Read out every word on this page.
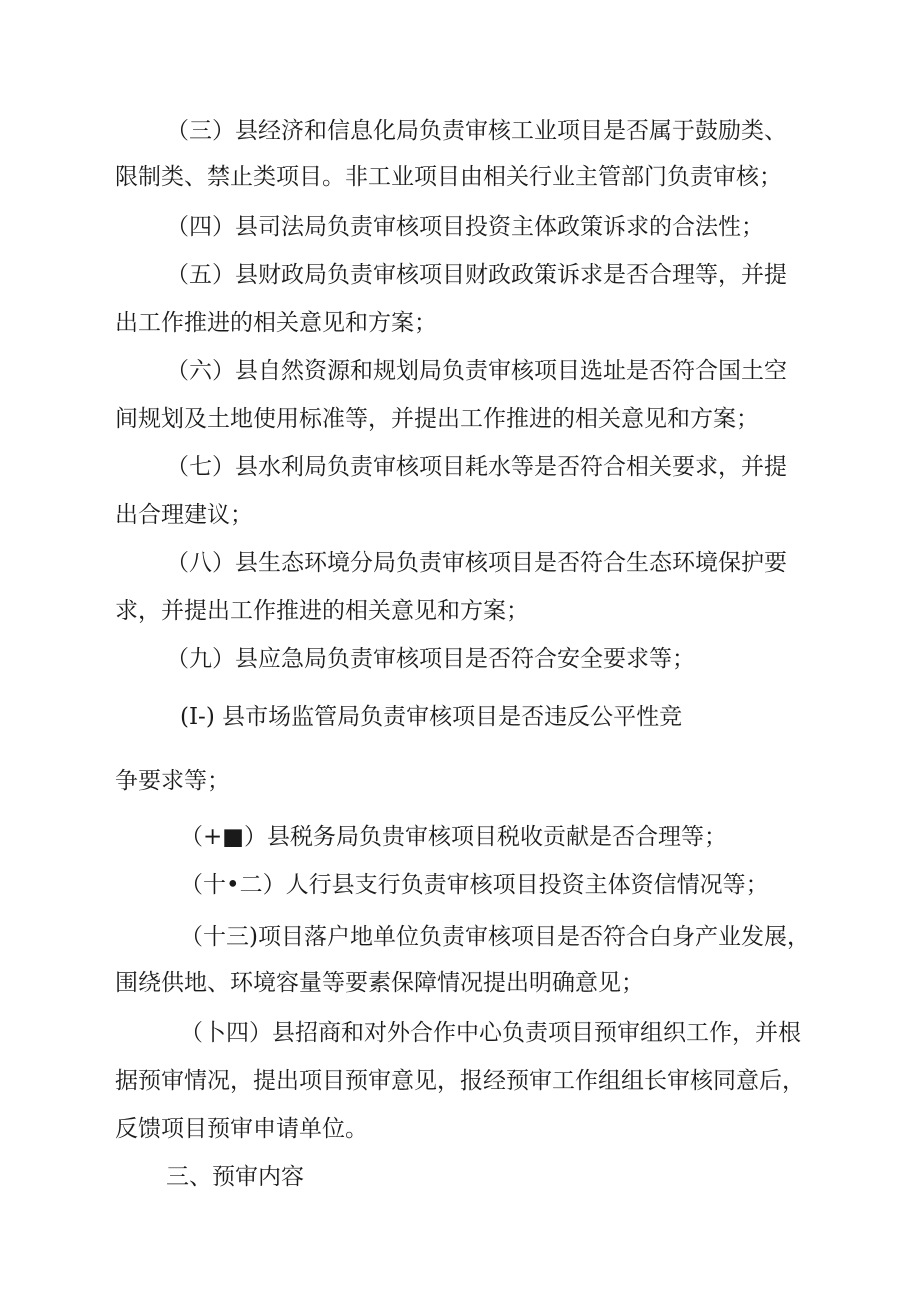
（三）县经济和信息化局负责审核工业项目是否属于鼓励类、
限制类、禁止类项目。非工业项目由相关行业主管部门负责审核；
（四）县司法局负责审核项目投资主体政策诉求的合法性；
（五）县财政局负责审核项目财政政策诉求是否合理等，并提
出工作推进的相关意见和方案；
（六）县自然资源和规划局负责审核项目选址是否符合国土空
间规划及土地使用标准等，并提出工作推进的相关意见和方案；
（七）县水利局负责审核项目耗水等是否符合相关要求，并提
出合理建议；
（八）县生态环境分局负责审核项目是否符合生态环境保护要
求，并提出工作推进的相关意见和方案；
（九）县应急局负责审核项目是否符合安全要求等；
(I-) 县市场监管局负责审核项目是否违反公平性竞
争要求等；
（+■）县税务局负贵审核项目税收贡献是否合理等；
（十•二）人行县支行负责审核项目投资主体资信情况等；
（十三)项目落户地单位负责审核项目是否符合白身产业发展，
围绕供地、环境容量等要素保障情况提出明确意见；
（卜四）县招商和对外合作中心负责项目预审组织工作，并根
据预审情况，提出项目预审意见，报经预审工作组组长审核同意后，
反馈项目预审申请单位。
三、预审内容
